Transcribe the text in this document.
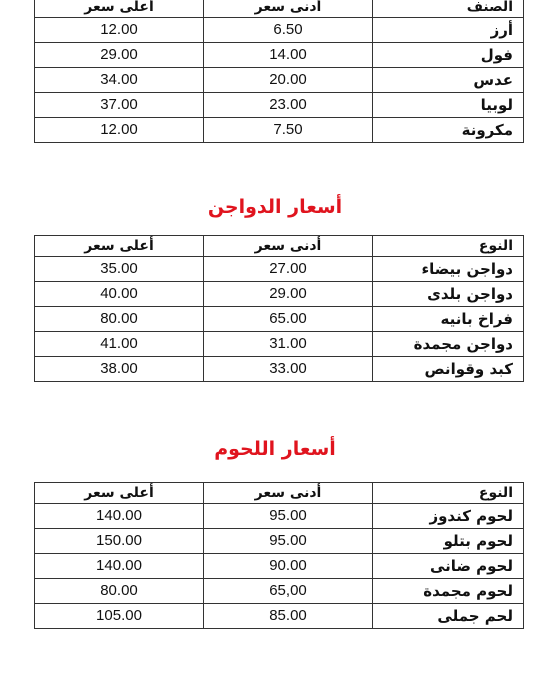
أعلى سعر	أدنى سعر	الصنف
12.00	6.50	أرز
29.00	14.00	فول
34.00	20.00	عدس
37.00	23.00	لوبيا
12.00	7.50	مكرونة
أسعار الدواجن
أعلى سعر	أدنى سعر	النوع
35.00	27.00	دواجن بيضاء
40.00	29.00	دواجن بلدى
80.00	65.00	فراخ بانيه
41.00	31.00	دواجن مجمدة
38.00	33.00	كبد وقوانص
أسعار اللحوم
أعلى سعر	أدنى سعر	النوع
140.00	95.00	لحوم كندوز
150.00	95.00	لحوم بتلو
140.00	90.00	لحوم ضانى
80.00	65,00	لحوم مجمدة
105.00	85.00	لحم جملى
